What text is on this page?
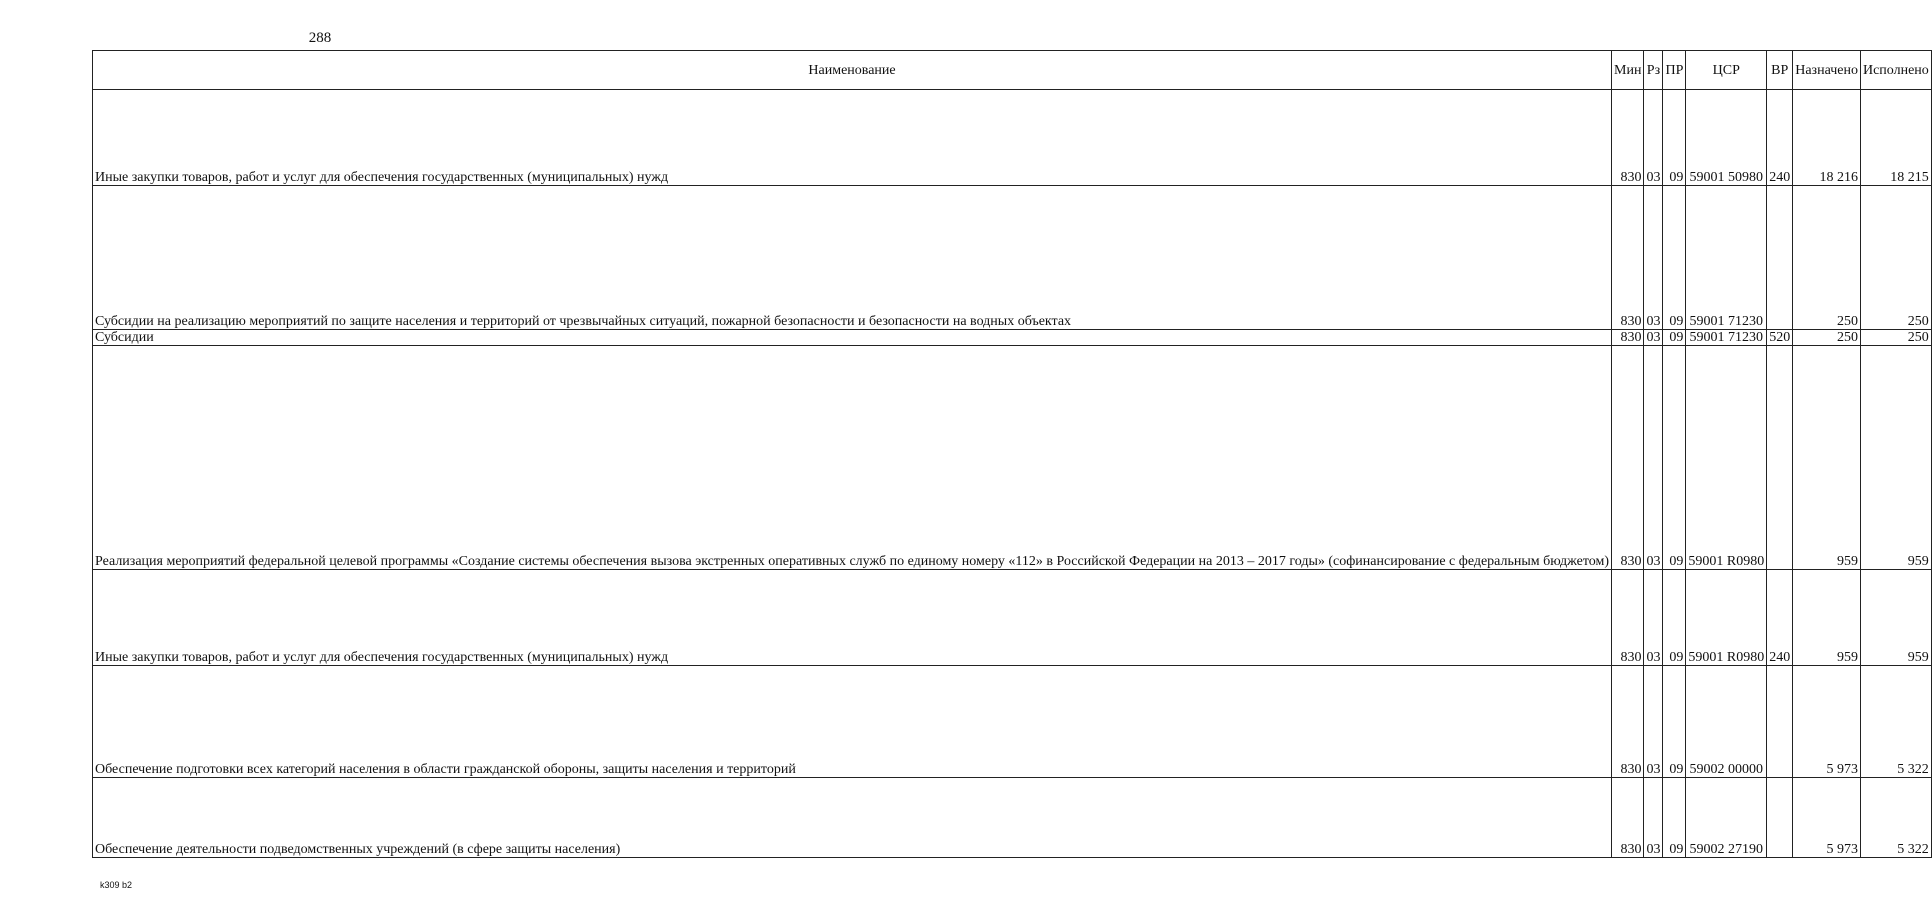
288
Наименование	Мин	Рз	ПР	ЦСР	ВР	Назначено	Исполнено
Иные закупки товаров, работ и услуг для обеспечения государственных (муниципальных) нужд	830	03	09	59001 50980	240	18 216	18 215
Субсидии на реализацию мероприятий по защите населения и территорий от чрезвычайных ситуаций, пожарной безопасности и безопасности на водных объектах	830	03	09	59001 71230		250	250
Субсидии	830	03	09	59001 71230	520	250	250
Реализация мероприятий федеральной целевой программы «Создание системы обеспечения вызова экстренных оперативных служб по единому номеру «112» в Российской Федерации на 2013 – 2017 годы» (софинансирование с федеральным бюджетом)	830	03	09	59001 R0980		959	959
Иные закупки товаров, работ и услуг для обеспечения государственных (муниципальных) нужд	830	03	09	59001 R0980	240	959	959
Обеспечение подготовки всех категорий населения в области гражданской обороны, защиты населения и территорий	830	03	09	59002 00000		5 973	5 322
Обеспечение деятельности подведомственных учреждений (в сфере защиты населения)	830	03	09	59002 27190		5 973	5 322
k309 b2
